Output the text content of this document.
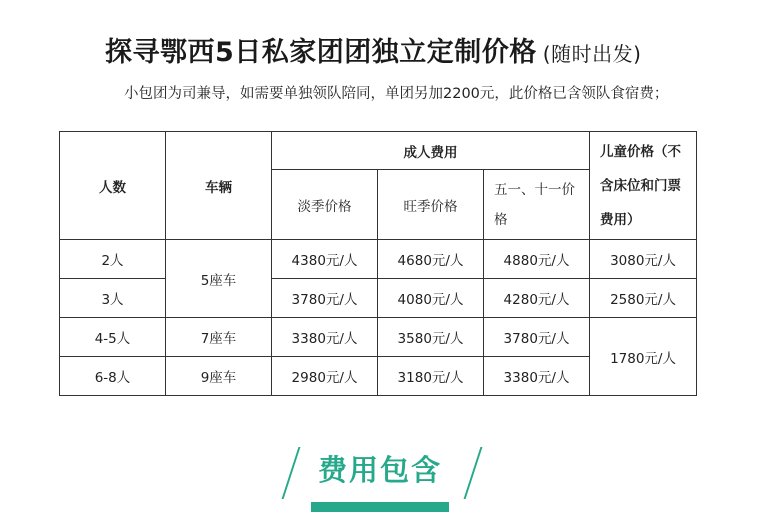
探寻鄂西5日私家团团独立定制价格 (随时出发)
小包团为司兼导，如需要单独领队陪同，单团另加2200元，此价格已含领队食宿费；
人数	车辆	成人费用			儿童价格（不含床位和门票费用）
		淡季价格	旺季价格	五一、十一价格	
2人	5座车	4380元/人	4680元/人	4880元/人	3080元/人
3人		3780元/人	4080元/人	4280元/人	2580元/人
4-5人	7座车	3380元/人	3580元/人	3780元/人	1780元/人
6-8人	9座车	2980元/人	3180元/人	3380元/人	
费用包含
